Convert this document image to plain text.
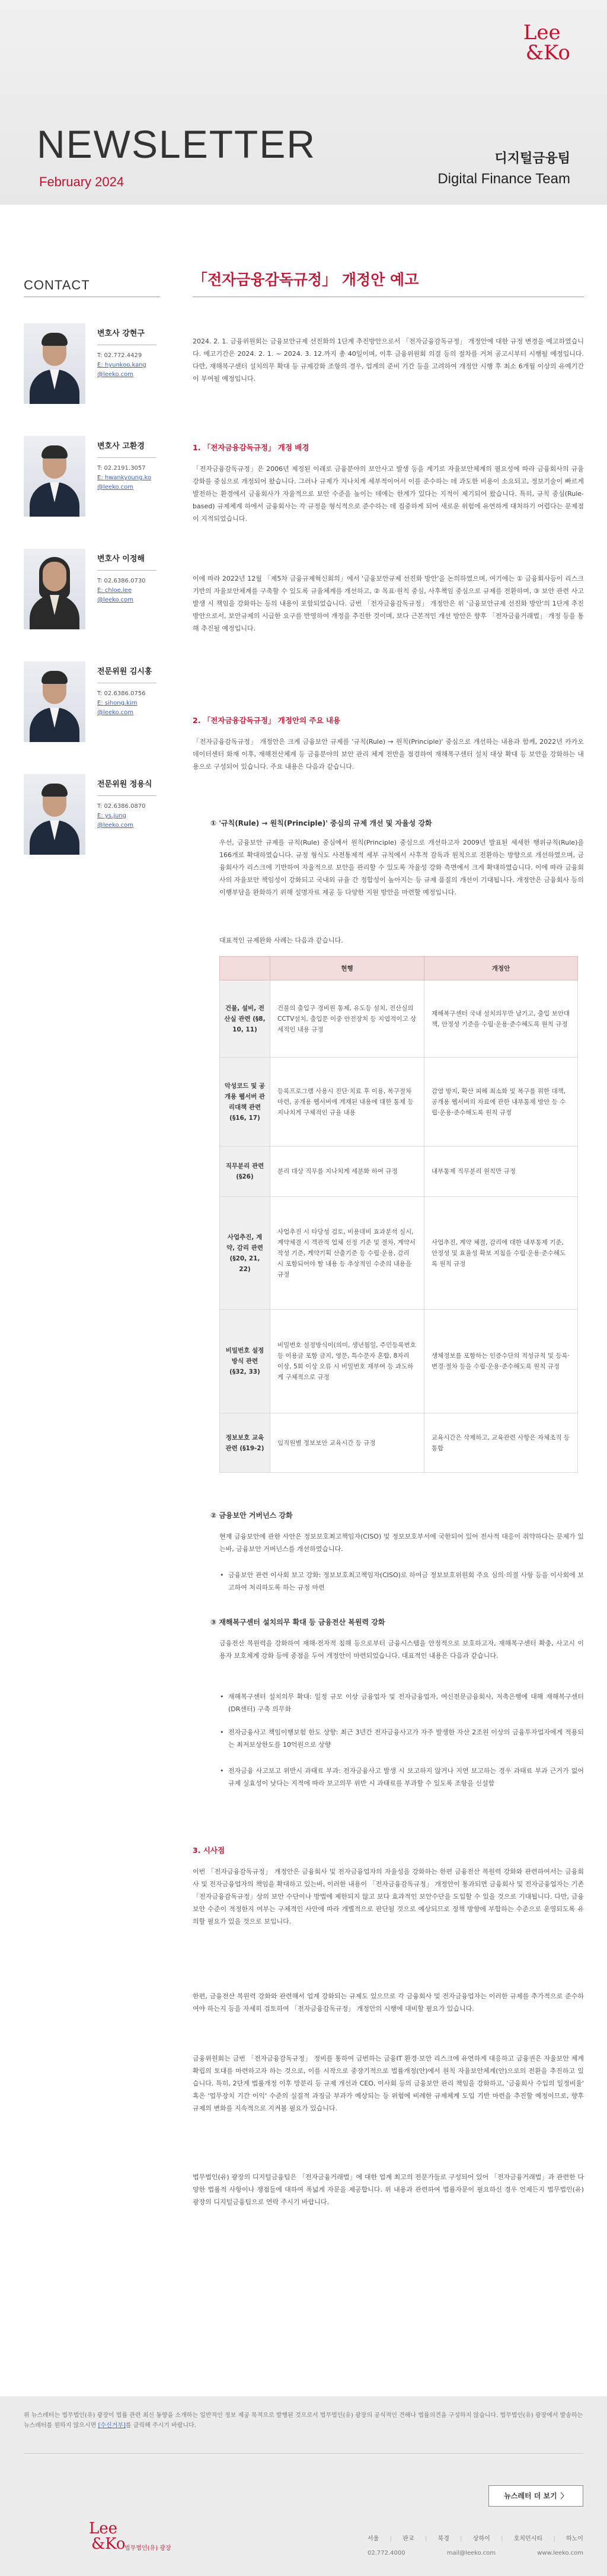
Lee
&Ko
NEWSLETTER
February 2024
디지털금융팀
Digital Finance Team
CONTACT
변호사 강현구
T: 02.772.4429
E: hyunkoo.kang
@leeko.com
변호사 고환경
T: 02.2191.3057
E: hwankyoung.ko
@leeko.com
변호사 이정해
T: 02.6386.0730
E: chloe.lee
@leeko.com
전문위원 김시홍
T: 02.6386.0756
E: sihong.kim
@leeko.com
전문위원 정용식
T: 02.6386.0870
E: ys.jung
@leeko.com
「전자금융감독규정」 개정안 예고
2024. 2. 1. 금융위원회는 금융보안규제 선진화의 1단계 추진방안으로서 「전자금융감독규정」 개정안에 대한 규정 변경을 예고하였습니다. 예고기간은 2024. 2. 1. ~ 2024. 3. 12.까지 총 40일이며, 이후 금융위원회 의결 등의 절차를 거쳐 공고시부터 시행될 예정입니다. 다만, 재해복구센터 설치의무 확대 등 규제강화 조항의 경우, 업계의 준비 기간 등을 고려하여 개정안 시행 후 최소 6개월 이상의 유예기간이 부여될 예정입니다.
1. 「전자금융감독규정」 개정 배경
「전자금융감독규정」은 2006년 제정된 이래로 금융분야의 보안사고 발생 등을 계기로 자율보안체계의 필요성에 따라 금융회사의 규율 강화를 중심으로 개정되어 왔습니다. 그러나 규제가 지나치게 세부적이어서 이를 준수하는 데 과도한 비용이 소요되고, 정보기술이 빠르게 발전하는 환경에서 금융회사가 자율적으로 보안 수준을 높이는 데에는 한계가 있다는 지적이 제기되어 왔습니다. 특히, 규칙 중심(Rule-based) 규제체계 하에서 금융회사는 각 규정을 형식적으로 준수하는 데 집중하게 되어 새로운 위험에 유연하게 대처하기 어렵다는 문제점이 지적되었습니다.
이에 따라 2022년 12월 「제5차 금융규제혁신회의」에서 '금융보안규제 선진화 방안'을 논의하였으며, 여기에는 ① 금융회사등이 리스크 기반의 자율보안체계를 구축할 수 있도록 규율체계를 개선하고, ② 목표·원칙 중심, 사후책임 중심으로 규제를 전환하며, ③ 보안 관련 사고 발생 시 책임을 강화하는 등의 내용이 포함되었습니다. 금번 「전자금융감독규정」 개정안은 위 '금융보안규제 선진화 방안'의 1단계 추진방안으로서, 보안규제의 시급한 요구를 반영하여 개정을 추진한 것이며, 보다 근본적인 개선 방안은 향후 「전자금융거래법」 개정 등을 통해 추진될 예정입니다.
2. 「전자금융감독규정」 개정안의 주요 내용
「전자금융감독규정」 개정안은 크게 금융보안 규제를 '규칙(Rule) → 원칙(Principle)' 중심으로 개선하는 내용과 함께, 2022년 카카오 데이터센터 화재 이후, 재해전산체계 등 금융분야의 보안 관리 체계 전반을 점검하여 재해복구센터 설치 대상 확대 등 보안을 강화하는 내용으로 구성되어 있습니다. 주요 내용은 다음과 같습니다.
① '규칙(Rule) → 원칙(Principle)' 중심의 규제 개선 및 자율성 강화
우선, 금융보안 규제를 규칙(Rule) 중심에서 원칙(Principle) 중심으로 개선하고자 2009년 발표된 세세한 행위규칙(Rule)을 166개로 확대하였습니다. 규정 형식도 사전통제적 세부 규칙에서 사후적 감독과 원칙으로 전환하는 방향으로 개선하였으며, 금융회사가 리스크에 기반하여 자율적으로 보안을 관리할 수 있도록 자율성 강화 측면에서 크게 확대하였습니다. 이에 따라 금융회사의 자율보안 책임성이 강화되고 국내외 규율 간 정합성이 높아지는 등 규제 품질의 개선이 기대됩니다. 개정안은 금융회사 등의 이행부담을 완화하기 위해 설명자료 제공 등 다양한 지원 방안을 마련할 예정입니다.
대표적인 규제완화 사례는 다음과 같습니다.
	현행	개정안
건물, 설비, 전산실 관련 (§8, 10, 11)	건물의 출입구 경비원 통제, 유도등 설치, 전산실의 CCTV설치, 출입문 이중 안전장치 등 지엽적이고 상세적인 내용 규정	재해복구센터 국내 설치의무만 남기고, 출입 보안대책, 안정성 기준을 수립·운용·준수해도록 원칙 규정
악성코드 및 공개용 웹서버 관리대책 관련 (§16, 17)	등록프로그램 사용시 진단·치료 후 이용, 복구절차 마련, 공개용 웹서버에 게재된 내용에 대한 통제 등 지나치게 구체적인 규율 내용	감염 방지, 확산 피해 최소화 및 복구를 위한 대책, 공개용 웹서버의 자료에 관한 내부통제 방안 등 수립·운용·준수해도록 원칙 규정
직무분리 관련 (§26)	분리 대상 직무를 지나치게 세분화 하여 규정	내부통제 직무분리 원칙만 규정
사업추진, 계약, 감리 관련 (§20, 21, 22)	사업추진 시 타당성 검토, 비용대비 효과분석 실시, 계약체결 시 객관적 업체 선정 기준 및 절차, 계약서 작성 기준, 계약기획 산출기준 등 수립·운용, 감리 시 포함되어야 할 내용 등 추상적인 수준의 내용을 규정	사업추진, 계약 체결, 감리에 대한 내부통제 기준, 안정성 및 효율성 확보 지침을 수립·운용·준수해도록 원칙 규정
비밀번호 설정 방식 관련 (§32, 33)	비밀번호 설정방식이(의미, 생년월일, 주민등록번호 등 이용금 포함 금지, 영문, 특수문자 혼합, 8자리 이상, 5회 이상 오류 시 비밀번호 재부여 등 과도하게 구체적으로 규정	생체정보를 포함하는 인증수단의 적성규칙 및 등록·변경·절차 등을 수립·운용·준수해도록 원칙 규정
정보보호 교육 관련 (§19-2)	임직원별 정보보안 교육시간 등 규정	교육시간은 삭제하고, 교육관련 사항은 자체조직 등 통합
② 금융보안 거버넌스 강화
현재 금융보안에 관한 사안은 정보보호최고책임자(CISO) 및 정보보호부서에 국한되어 있어 전사적 대응이 취약하다는 문제가 있는바, 금융보안 거버넌스를 개선하였습니다.
• 금융보안 관련 이사회 보고 강화: 정보보호최고책임자(CISO)로 하여금 정보보호위원회 주요 심의·의결 사항 등을 이사회에 보고하여 처리하도록 하는 규정 마련
③ 재해복구센터 설치의무 확대 등 금융전산 복원력 강화
금융전산 복원력을 강화하여 재해·전자적 침해 등으로부터 금융시스템을 안정적으로 보호하고자, 재해복구센터 확충, 사고시 이용자 보호체계 강화 등에 중점을 두어 개정안이 마련되었습니다. 대표적인 내용은 다음과 같습니다.
• 재해복구센터 설치의무 확대: 일정 규모 이상 금융업자 및 전자금융업자, 여신전문금융회사, 저축은행에 대해 재해복구센터(DR센터) 구축 의무화
• 전자금융사고 책임이행보험 한도 상향: 최근 3년간 전자금융사고가 자주 발생한 자산 2조원 이상의 금융투자업자에게 적용되는 최저보상한도를 10억원으로 상향
• 전자금융 사고보고 위반시 과태료 부과: 전자금융사고 발생 시 보고하지 않거나 지연 보고하는 경우 과태료 부과 근거가 없어 규제 실효성이 낮다는 지적에 따라 보고의무 위반 시 과태료를 부과할 수 있도록 조항을 신설함
3. 시사점
이번 「전자금융감독규정」 개정안은 금융회사 및 전자금융업자의 자율성을 강화하는 한편 금융전산 복원력 강화와 관련하여서는 금융회사 및 전자금융업자의 책임을 확대하고 있는바, 이러한 내용이 「전자금융감독규정」 개정안이 통과되면 금융회사 및 전자금융업자는 기존 「전자금융감독규정」상의 보안 수단이나 방법에 제한되지 않고 보다 효과적인 보안수단을 도입할 수 있을 것으로 기대됩니다. 다만, 금융보안 수준이 적정한지 여부는 구체적인 사안에 따라 개별적으로 판단될 것으로 예상되므로 정책 방향에 부합하는 수준으로 운영되도록 유의할 필요가 있을 것으로 보입니다.
한편, 금융전산 복원력 강화와 관련해서 업계 강화되는 규제도 있으므로 각 금융회사 및 전자금융업자는 이러한 규제를 추가적으로 준수하여야 하는지 등을 자세히 검토하여 「전자금융감독규정」 개정안의 시행에 대비할 필요가 있습니다.
금융위원회는 금번 「전자금융감독규정」 정비를 통하여 금번하는 금융IT 환경·보안 리스크에 유연하게 대응하고 금융권은 자율보안 체계 확립의 토대를 마련하고자 하는 것으로, 이를 시작으로 중장기적으로 법률개정(안)에서 원칙 자율보안체계(안)으로의 전환을 추진하고 있습니다. 특히, 2단계 법률개정 이후 망분리 등 규제 개선과 CEO, 이사회 등의 금융보안 관리 책임을 강화하고, '금융회사 수입의 일정비율' 혹은 '업무장치 기간 이익' 수준의 실질적 과징금 부과가 예상되는 등 위험에 비례한 규제체계 도입 기반 마련을 추진할 예정이므로, 향후 규제의 변화를 지속적으로 지켜볼 필요가 있습니다.
법무법인(유) 광장의 디지털금융팀은 「전자금융거래법」에 대한 업계 최고의 전문가들로 구성되어 있어 「전자금융거래법」과 관련한 다양한 법률적 사항이나 쟁점들에 대하여 폭넓게 자문을 제공합니다. 위 내용과 관련하여 법률자문이 필요하신 경우 언제든지 법무법인(유) 광장의 디지털금융팀으로 연락 주시기 바랍니다.
위 뉴스레터는 법무법인(유) 광장이 법률 관련 최신 동향을 소개하는 일반적인 정보 제공 목적으로 발행된 것으로서 법무법인(유) 광장의 공식적인 견해나 법률의견을 구성하지 않습니다. 법무법인(유) 광장에서 발송하는 뉴스레터를 원하지 않으시면 [수신거부]를 클릭해 주시기 바랍니다.
뉴스레터 더 보기 〉
Lee
&Ko
법무법인(유) 광장
서울 | 판교 | 북경 | 상하이 | 호치민시티 | 하노이
02.772.4000	mail@leeko.com	www.leeko.com
